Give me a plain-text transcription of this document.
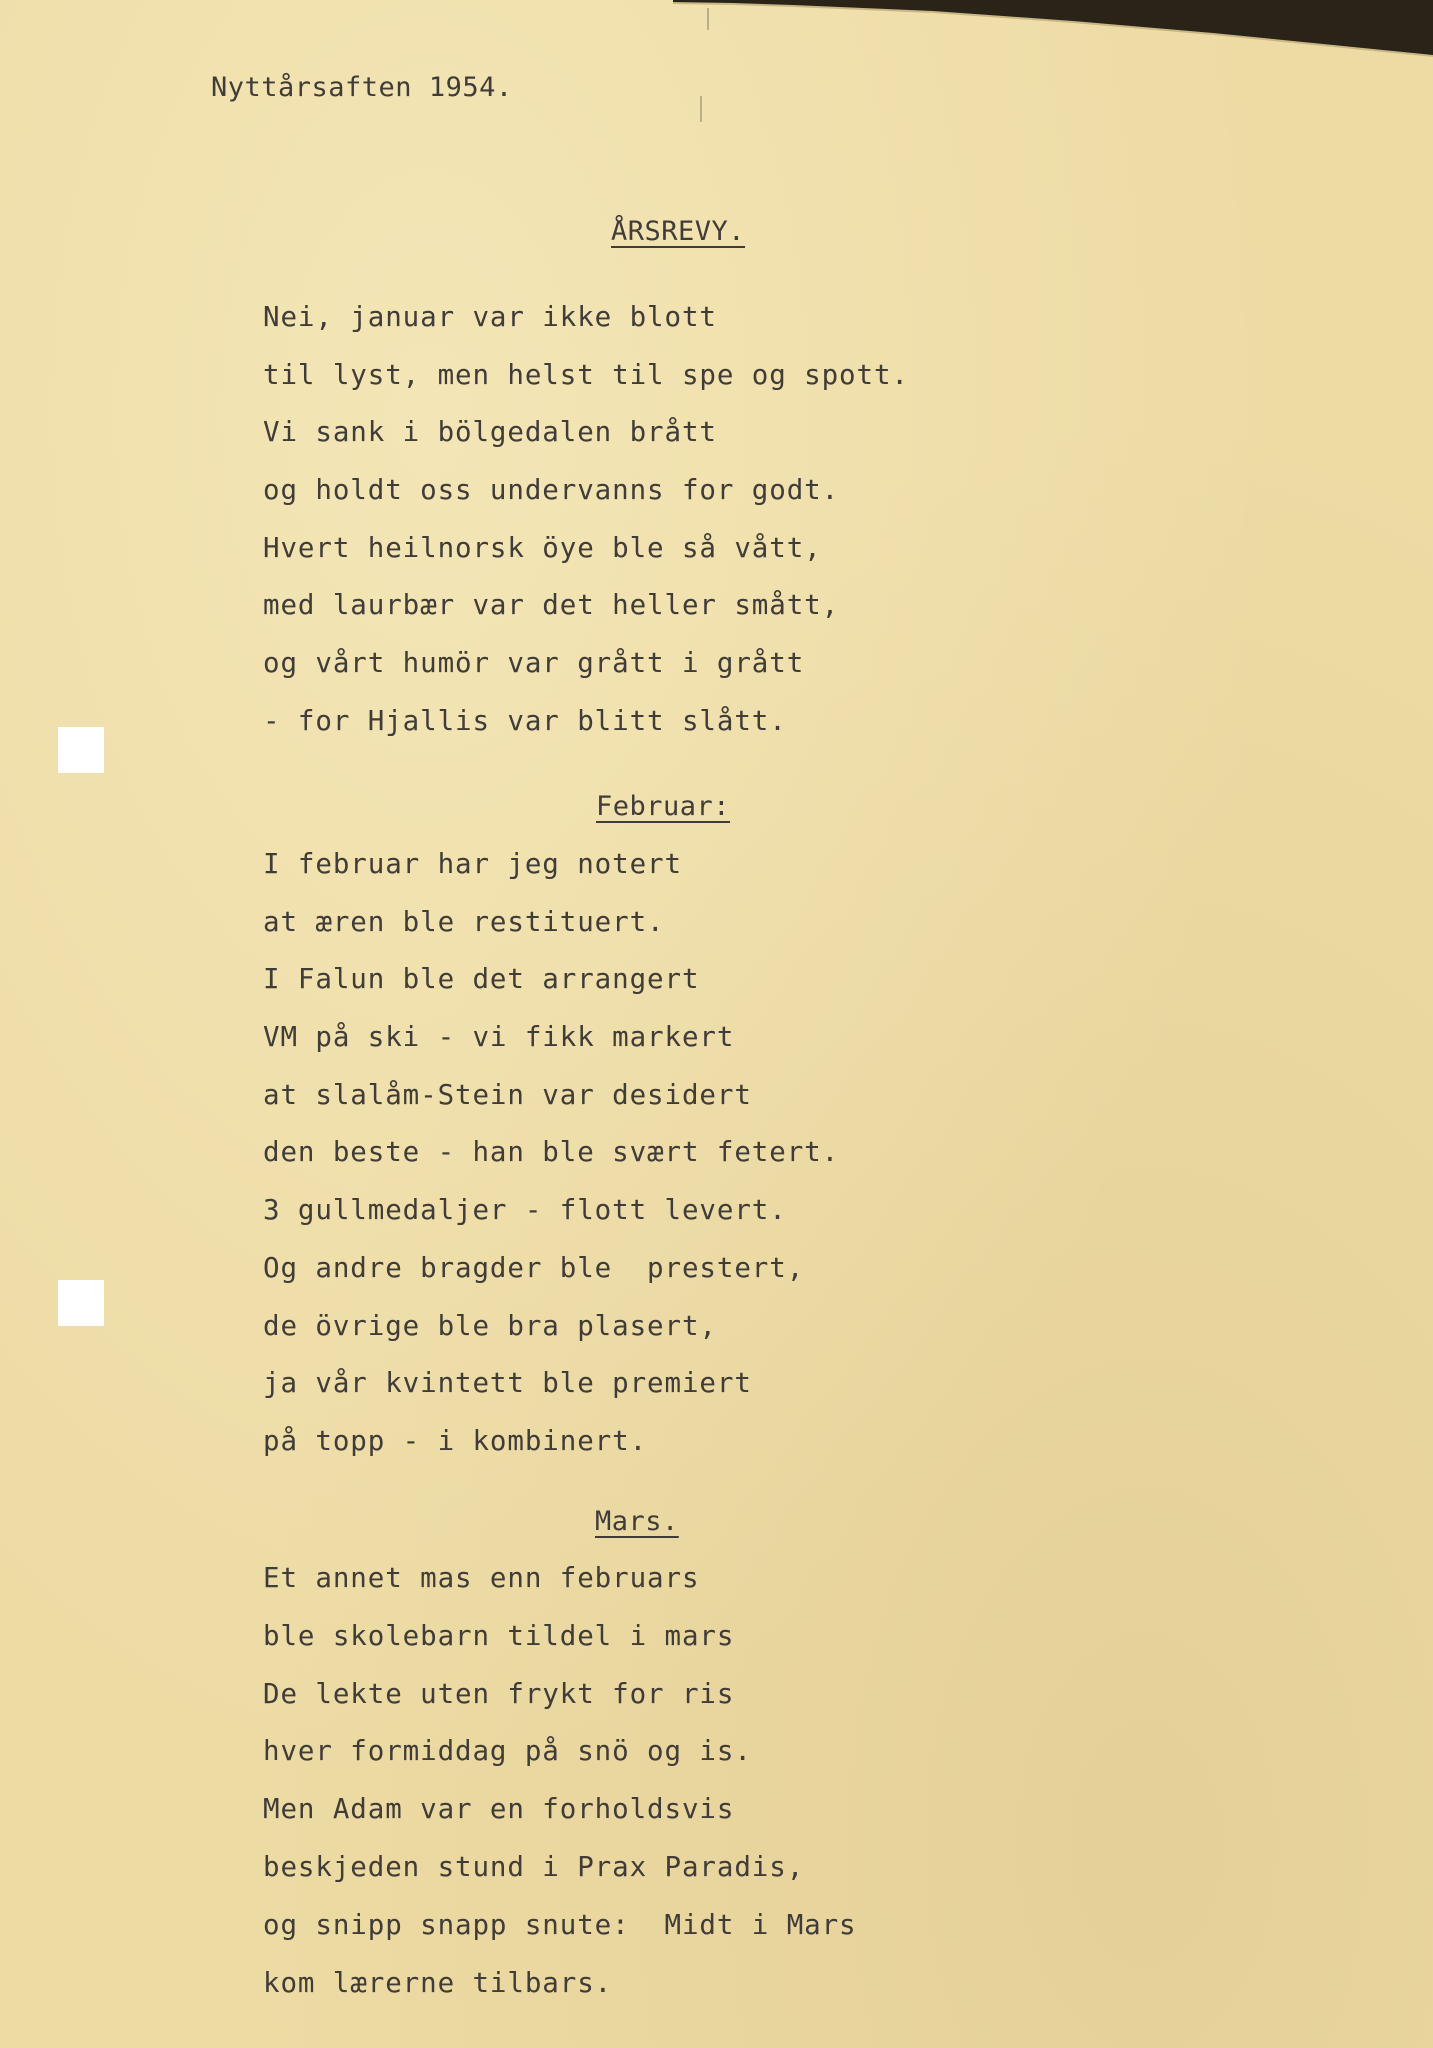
Nyttårsaften 1954.
ÅRSREVY.
Nei, januar var ikke blott
til lyst, men helst til spe og spott.
Vi sank i bölgedalen brått
og holdt oss undervanns for godt.
Hvert heilnorsk öye ble så vått,
med laurbær var det heller smått,
og vårt humör var grått i grått
- for Hjallis var blitt slått.
Februar:
I februar har jeg notert
at æren ble restituert.
I Falun ble det arrangert
VM på ski - vi fikk markert
at slalåm-Stein var desidert
den beste - han ble svært fetert.
3 gullmedaljer - flott levert.
Og andre bragder ble  prestert,
de övrige ble bra plasert,
ja vår kvintett ble premiert
på topp - i kombinert.
Mars.
Et annet mas enn februars
ble skolebarn tildel i mars
De lekte uten frykt for ris
hver formiddag på snö og is.
Men Adam var en forholdsvis
beskjeden stund i Prax Paradis,
og snipp snapp snute:  Midt i Mars
kom lærerne tilbars.
